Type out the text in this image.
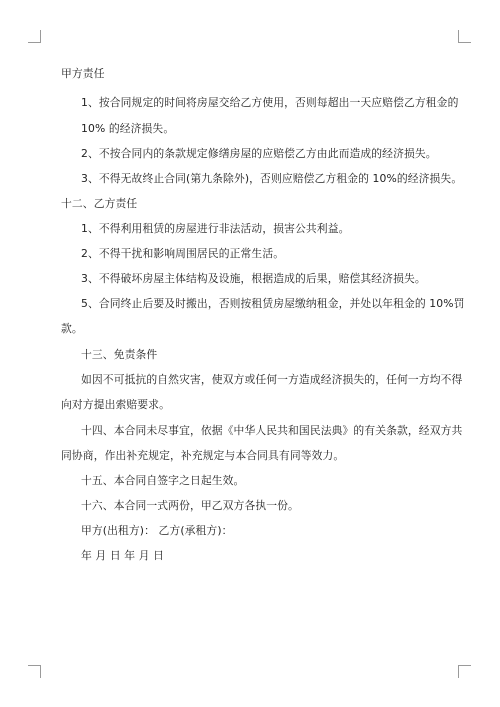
甲方责任
1、按合同规定的时间将房屋交给乙方使用，否则每超出一天应赔偿乙方租金的
10% 的经济损失。
2、不按合同内的条款规定修缮房屋的应赔偿乙方由此而造成的经济损失。
3、不得无故终止合同(第九条除外)，否则应赔偿乙方租金的 10%的经济损失。
十二、乙方责任
1、不得利用租赁的房屋进行非法活动，损害公共利益。
2、不得干扰和影响周围居民的正常生活。
3、不得破坏房屋主体结构及设施，根据造成的后果，赔偿其经济损失。
5、合同终止后要及时搬出，否则按租赁房屋缴纳租金，并处以年租金的 10%罚
款。
十三、免责条件
如因不可抵抗的自然灾害，使双方或任何一方造成经济损失的，任何一方均不得
向对方提出索赔要求。
十四、本合同未尽事宜，依据《中华人民共和国民法典》的有关条款，经双方共
同协商，作出补充规定，补充规定与本合同具有同等效力。
十五、本合同自签字之日起生效。
十六、本合同一式两份，甲乙双方各执一份。
甲方(出租方)： 乙方(承租方)：
年 月 日 年 月 日
